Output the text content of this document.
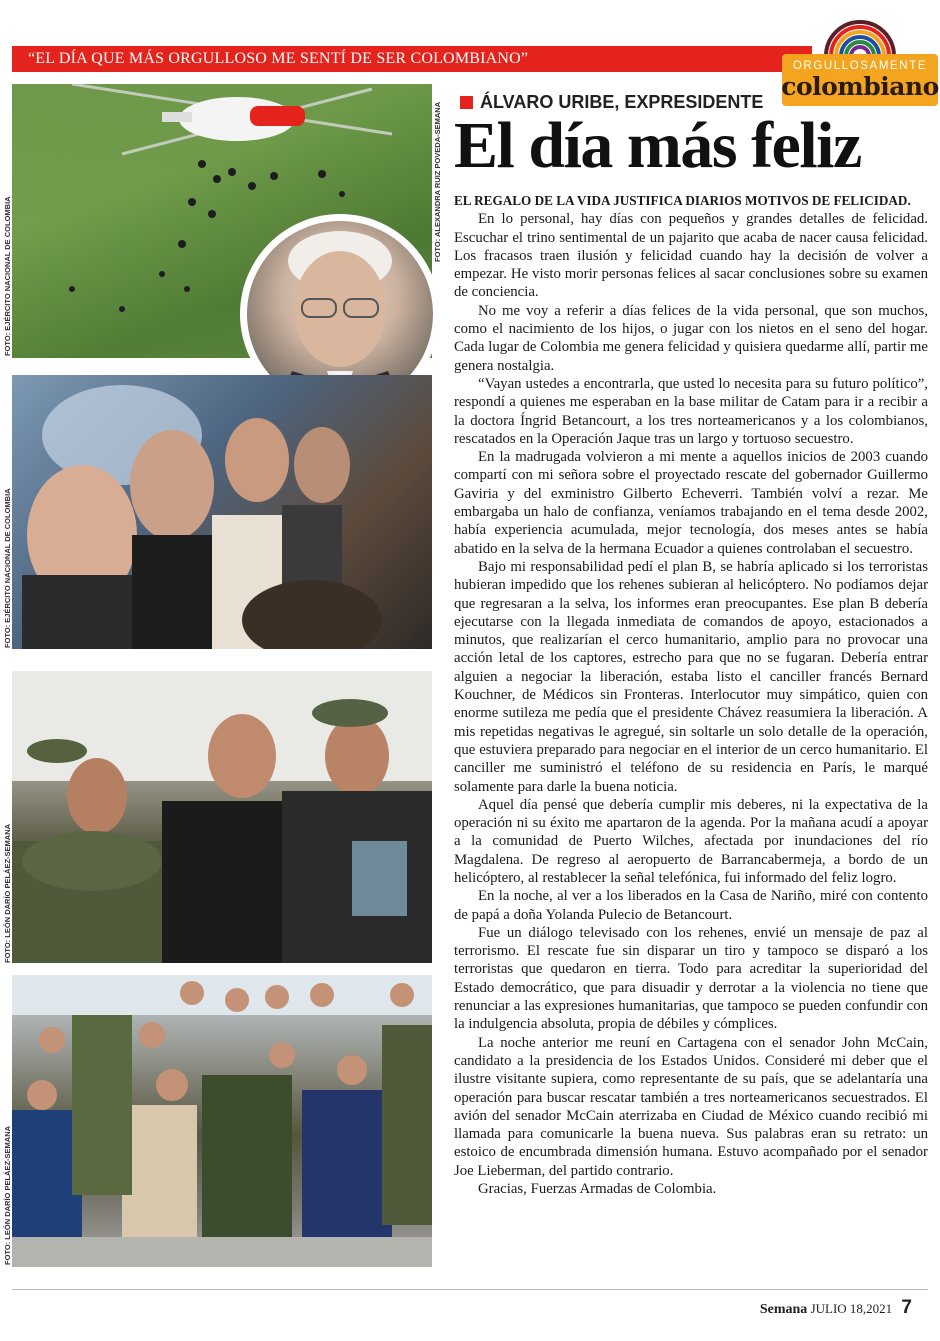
“EL DÍA QUE MÁS ORGULLOSO ME SENTÍ DE SER COLOMBIANO”	ORGULLOSAMENTE
colombiano
FOTO: EJÉRCITO NACIONAL DE COLOMBIA
FOTO: ALEXANDRA RUIZ POVEDA-SEMANA
FOTO: EJÉRCITO NACIONAL DE COLOMBIA
FOTO: LEÓN DARÍO PELÁEZ-SEMANA
FOTO: LEÓN DARÍO PELÁEZ-SEMANA
ÁLVARO URIBE, EXPRESIDENTE
El día más feliz

EL REGALO DE LA VIDA JUSTIFICA DIARIOS MOTIVOS DE FELICIDAD.

En lo personal, hay días con pequeños y grandes detalles de felicidad. Escuchar el trino sentimental de un pajarito que acaba de nacer causa felicidad. Los fracasos traen ilusión y felicidad cuando hay la decisión de volver a empezar. He visto morir personas felices al sacar conclusiones sobre su examen de conciencia.

No me voy a referir a días felices de la vida personal, que son muchos, como el nacimiento de los hijos, o jugar con los nietos en el seno del hogar. Cada lugar de Colombia me genera felicidad y quisiera quedarme allí, partir me genera nostalgia.

“Vayan ustedes a encontrarla, que usted lo necesita para su futuro político”, respondí a quienes me esperaban en la base militar de Catam para ir a recibir a la doctora Íngrid Betancourt, a los tres norteamericanos y a los colombianos, rescatados en la Operación Jaque tras un largo y tortuoso secuestro.

En la madrugada volvieron a mi mente a aquellos inicios de 2003 cuando compartí con mi señora sobre el proyectado rescate del gobernador Guillermo Gaviria y del exministro Gilberto Echeverri. También volví a rezar. Me embargaba un halo de confianza, veníamos trabajando en el tema desde 2002, había experiencia acumulada, mejor tecnología, dos meses antes se había abatido en la selva de la hermana Ecuador a quienes controlaban el secuestro.

Bajo mi responsabilidad pedí el plan B, se habría aplicado si los terroristas hubieran impedido que los rehenes subieran al helicóptero. No podíamos dejar que regresaran a la selva, los informes eran preocupantes. Ese plan B debería ejecutarse con la llegada inmediata de comandos de apoyo, estacionados a minutos, que realizarían el cerco humanitario, amplio para no provocar una acción letal de los captores, estrecho para que no se fugaran. Debería entrar alguien a negociar la liberación, estaba listo el canciller francés Bernard Kouchner, de Médicos sin Fronteras. Interlocutor muy simpático, quien con enorme sutileza me pedía que el presidente Chávez reasumiera la liberación. A mis repetidas negativas le agregué, sin soltarle un solo detalle de la operación, que estuviera preparado para negociar en el interior de un cerco humanitario. El canciller me suministró el teléfono de su residencia en París, le marqué solamente para darle la buena noticia.

Aquel día pensé que debería cumplir mis deberes, ni la expectativa de la operación ni su éxito me apartaron de la agenda. Por la mañana acudí a apoyar a la comunidad de Puerto Wilches, afectada por inundaciones del río Magdalena. De regreso al aeropuerto de Barrancabermeja, a bordo de un helicóptero, al restablecer la señal telefónica, fui informado del feliz logro.

En la noche, al ver a los liberados en la Casa de Nariño, miré con contento de papá a doña Yolanda Pulecio de Betancourt.

Fue un diálogo televisado con los rehenes, envié un mensaje de paz al terrorismo. El rescate fue sin disparar un tiro y tampoco se disparó a los terroristas que quedaron en tierra. Todo para acreditar la superioridad del Estado democrático, que para disuadir y derrotar a la violencia no tiene que renunciar a las expresiones humanitarias, que tampoco se pueden confundir con la indulgencia absoluta, propia de débiles y cómplices.

La noche anterior me reuní en Cartagena con el senador John McCain, candidato a la presidencia de los Estados Unidos. Consideré mi deber que el ilustre visitante supiera, como representante de su país, que se adelantaría una operación para buscar rescatar también a tres norteamericanos secuestrados. El avión del senador McCain aterrizaba en Ciudad de México cuando recibió mi llamada para comunicarle la buena nueva. Sus palabras eran su retrato: un estoico de encumbrada dimensión humana. Estuvo acompañado por el senador Joe Lieberman, del partido contrario.

Gracias, Fuerzas Armadas de Colombia.

Semana JULIO 18,2021 7
